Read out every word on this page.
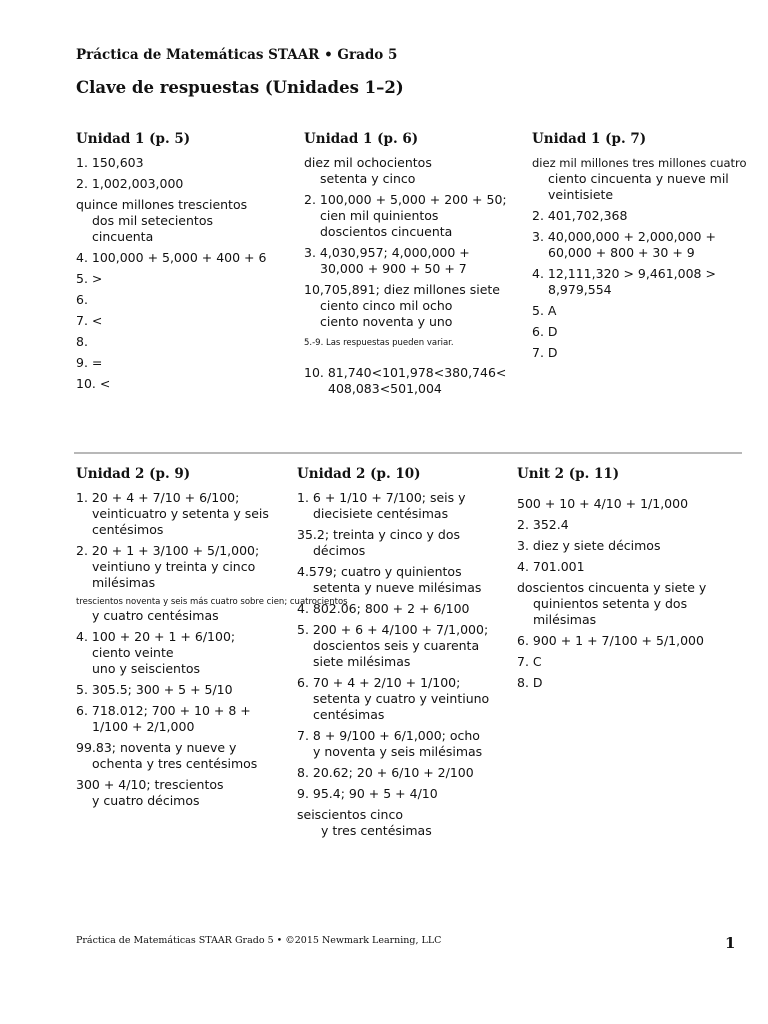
Práctica de Matemáticas STAAR • Grado 5
Clave de respuestas (Unidades 1–2)
Unidad 1 (p. 5)
1. 150,603
2. 1,002,003,000
quince millones trescientos
dos mil setecientos
cincuenta
4. 100,000 + 5,000 + 400 + 6
5. >
6.
7. <
8.
9. =
10. <
Unidad 1 (p. 6)
diez mil ochocientos
setenta y cinco
2. 100,000 + 5,000 + 200 + 50;
cien mil quinientos
doscientos cincuenta
3. 4,030,957; 4,000,000 +
30,000 + 900 + 50 + 7
10,705,891; diez millones siete
ciento cinco mil ocho
ciento noventa y uno
5.-9. Las respuestas pueden variar.
10. 81,740<101,978<380,746<
408,083<501,004
Unidad 1 (p. 7)
diez mil millones tres millones cuatro
ciento cincuenta y nueve mil
veintisiete
2. 401,702,368
3. 40,000,000 + 2,000,000 +
60,000 + 800 + 30 + 9
4. 12,111,320 > 9,461,008 >
8,979,554
5. A
6. D
7. D
Unidad 2 (p. 9)
1. 20 + 4 + 7/10 + 6/100;
veinticuatro y setenta y seis
centésimos
2. 20 + 1 + 3/100 + 5/1,000;
veintiuno y treinta y cinco
milésimas
trescientos noventa y seis más cuatro sobre cien; cuatrocientos
y cuatro centésimas
4. 100 + 20 + 1 + 6/100;
ciento veinte
uno y seiscientos
5. 305.5; 300 + 5 + 5/10
6. 718.012; 700 + 10 + 8 +
1/100 + 2/1,000
99.83; noventa y nueve y
ochenta y tres centésimos
300 + 4/10; trescientos
y cuatro décimos
Unidad 2 (p. 10)
1. 6 + 1/10 + 7/100; seis y
diecisiete centésimas
35.2; treinta y cinco y dos
décimos
4.579; cuatro y quinientos
setenta y nueve milésimas
4. 802.06; 800 + 2 + 6/100
5. 200 + 6 + 4/100 + 7/1,000;
doscientos seis y cuarenta
siete milésimas
6. 70 + 4 + 2/10 + 1/100;
setenta y cuatro y veintiuno
centésimas
7. 8 + 9/100 + 6/1,000; ocho
y noventa y seis milésimas
8. 20.62; 20 + 6/10 + 2/100
9. 95.4; 90 + 5 + 4/10
seiscientos cinco
y tres centésimas
Unit 2 (p. 11)
500 + 10 + 4/10 + 1/1,000
2. 352.4
3. diez y siete décimos
4. 701.001
doscientos cincuenta y siete y
quinientos setenta y dos
milésimas
6. 900 + 1 + 7/100 + 5/1,000
7. C
8. D
Práctica de Matemáticas STAAR Grado 5 • ©2015 Newmark Learning, LLC	1
